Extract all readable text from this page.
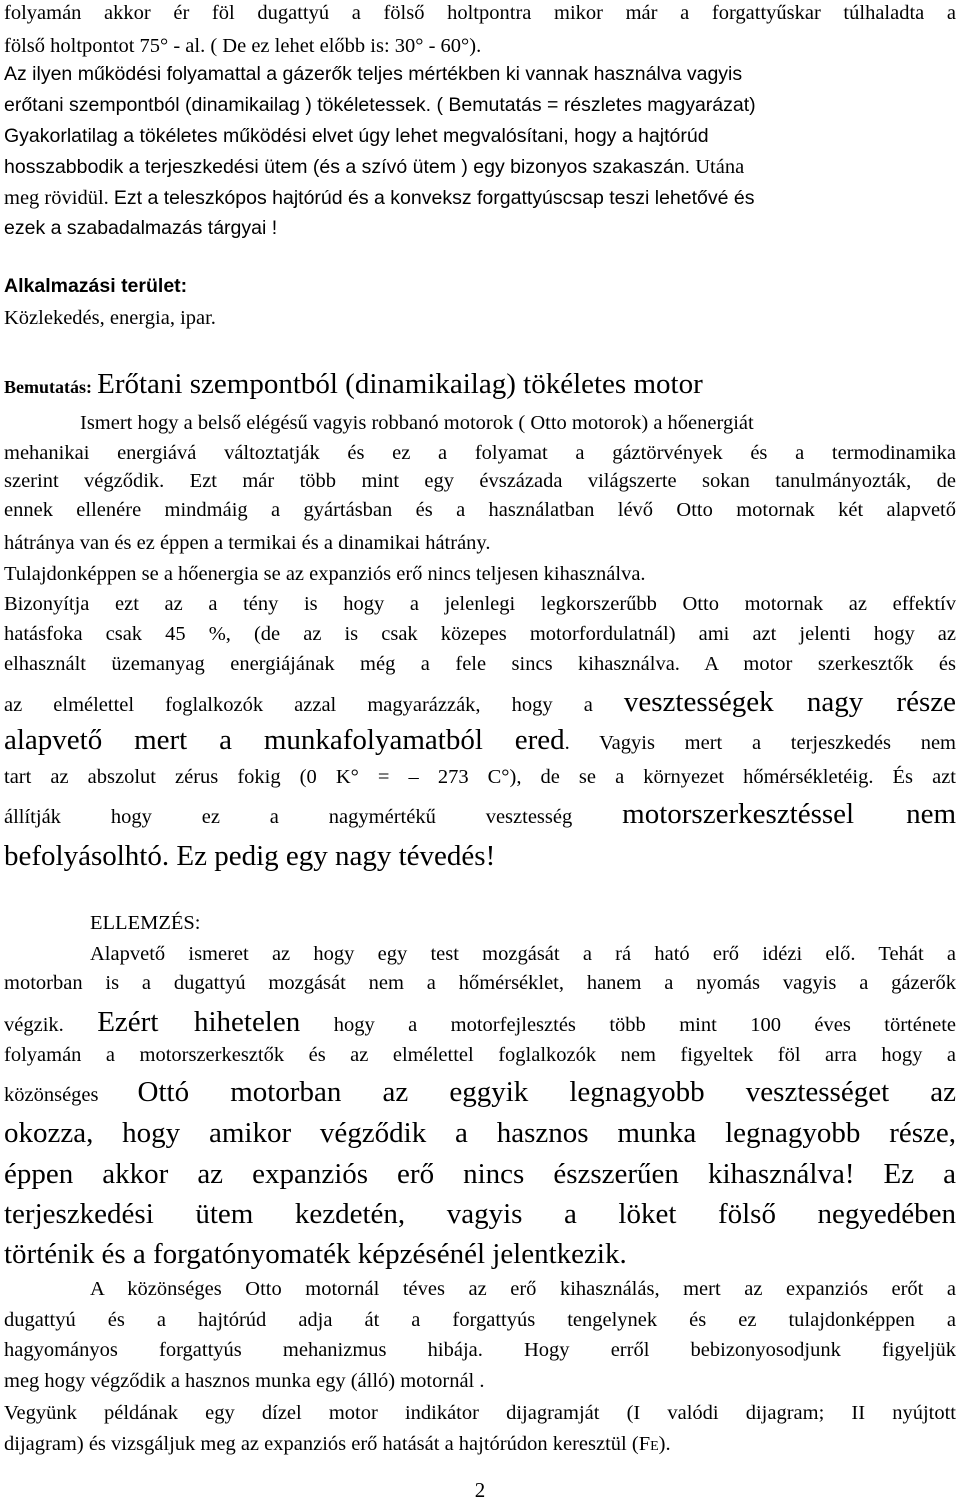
folyamán akkor ér föl dugattyú a fölső holtpontra mikor már a forgattyűskar túlhaladta a

fölső holtpontot 75° - al. ( De ez lehet előbb is: 30° - 60°).

Az ilyen működési folyamattal a gázerők teljes mértékben ki vannak használva vagyis

erőtani szempontból (dinamikailag ) tökéletessek. ( Bemutatás = részletes magyarázat)

Gyakorlatilag a tökéletes működési elvet úgy lehet megvalósítani, hogy a hajtórúd

hosszabbodik a terjeszkedési ütem (és a szívó ütem ) egy bizonyos szakaszán. Utána

meg rövidül. Ezt a teleszkópos hajtórúd és a konveksz forgattyúscsap teszi lehetővé és

ezek a szabadalmazás tárgyai !

Alkalmazási terület:

Közlekedés, energia, ipar.

Bemutatás: Erőtani szempontból (dinamikailag) tökéletes motor

Ismert hogy a belső elégésű vagyis robbanó motorok ( Otto motorok) a hőenergiát

mehanikai energiává változtatják és ez a folyamat a gáztörvények és a termodinamika

szerint végződik. Ezt már több mint egy évszázada világszerte sokan tanulmányozták, de

ennek ellenére mindmáig a gyártásban és a használatban lévő Otto motornak két alapvető

hátránya van és ez éppen a termikai és a dinamikai hátrány.

Tulajdonképpen se a hőenergia se az expanziós erő nincs teljesen kihasználva.

Bizonyítja ezt az a tény is hogy a jelenlegi legkorszerűbb Otto motornak az effektív

hatásfoka csak 45 %, (de az is csak közepes motorfordulatnál) ami azt jelenti hogy az

elhasznált üzemanyag energiájának még a fele sincs kihasználva. A motor szerkesztők és

az elmélettel foglalkozók azzal magyarázzák, hogy a vesztességek nagy része

alapvető mert a munkafolyamatból ered. Vagyis mert a terjeszkedés nem

tart az abszolut zérus fokig (0 K° = – 273 C°), de se a környezet hőmérsékletéig. És azt

állítják hogy ez a nagymértékű vesztesség motorszerkesztéssel nem

befolyásolhtó. Ez pedig egy nagy tévedés!

ELLEMZÉS:

Alapvető ismeret az hogy egy test mozgását a rá ható erő idézi elő. Tehát a

motorban is a dugattyú mozgását nem a hőmérséklet, hanem a nyomás vagyis a gázerők

végzik. Ezért hihetelen hogy a motorfejlesztés több mint 100 éves története

folyamán a motorszerkesztők és az elmélettel foglalkozók nem figyeltek föl arra hogy a

közönséges Ottó motorban az eggyik legnagyobb vesztességet az

okozza, hogy amikor végződik a hasznos munka legnagyobb része,

éppen akkor az expanziós erő nincs észszerűen kihasználva! Ez a

terjeszkedési ütem kezdetén, vagyis a löket fölső negyedében

történik és a forgatónyomaték képzésénél jelentkezik.

A közönséges Otto motornál téves az erő kihasználás, mert az expanziós erőt a

dugattyú és a hajtórúd adja át a forgattyús tengelynek és ez tulajdonképpen a

hagyományos forgattyús mehanizmus hibája. Hogy erről bebizonyosodjunk figyeljük

meg hogy végződik a hasznos munka egy (álló) motornál .

Vegyünk példának egy dízel motor indikátor dijagramját (I valódi dijagram; II nyújtott

dijagram) és vizsgáljuk meg az expanziós erő hatását a hajtórúdon keresztül (FE).

2
